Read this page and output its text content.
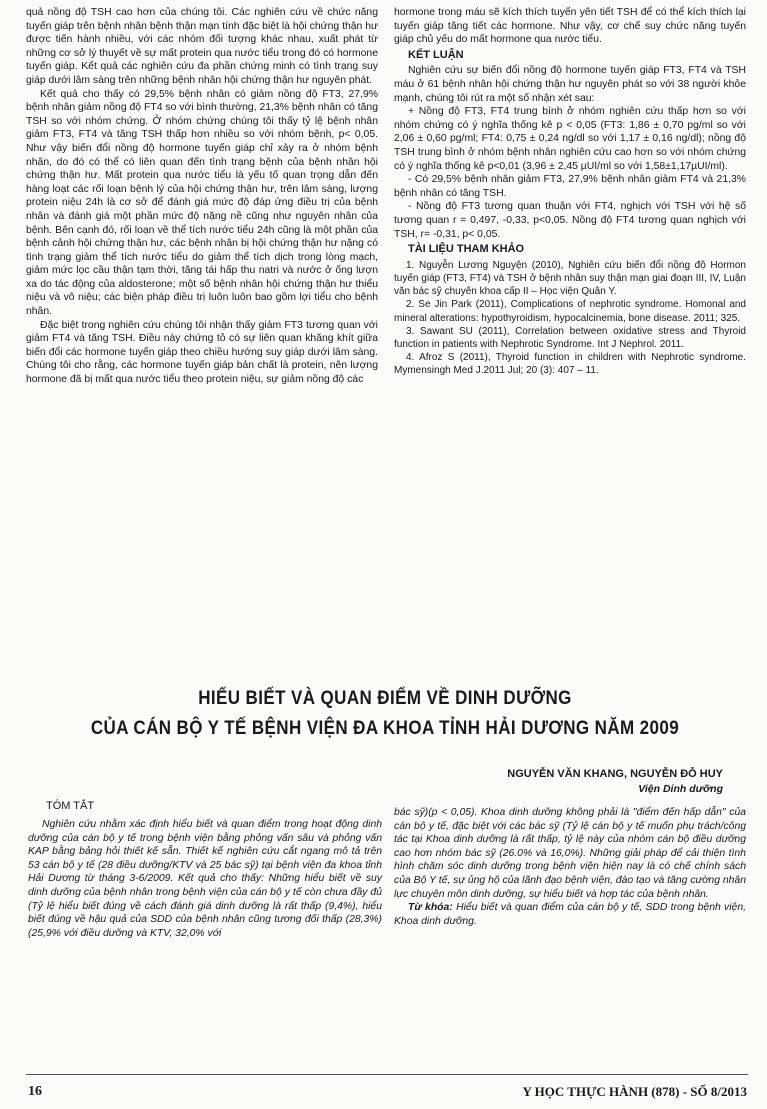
quả nồng độ TSH cao hơn của chúng tôi. Các nghiên cứu về chức năng tuyến giáp trên bệnh nhân bệnh thận mạn tính đặc biệt là hội chứng thận hư được tiến hành nhiều, với các nhóm đối tượng khác nhau, xuất phát từ những cơ sở lý thuyết về sự mất protein qua nước tiểu trong đó có hormone tuyến giáp. Kết quả các nghiên cứu đa phần chứng minh có tình trạng suy giáp dưới lâm sàng trên những bệnh nhân hội chứng thận hư nguyên phát.

Kết quả cho thấy có 29,5% bệnh nhân có giảm nồng độ FT3, 27,9% bệnh nhân giảm nồng độ FT4 so với bình thường, 21,3% bệnh nhân có tăng TSH so với nhóm chứng. Ở nhóm chứng chúng tôi thấy tỷ lệ bệnh nhân giảm FT3, FT4 và tăng TSH thấp hơn nhiều so với nhóm bệnh, p< 0,05. Như vậy biến đổi nồng độ hormone tuyến giáp chỉ xảy ra ở nhóm bệnh nhân, do đó có thể có liên quan đến tình trạng bệnh của bệnh nhân hội chứng thận hư. Mất protein qua nước tiểu là yếu tố quan trọng dẫn đến hàng loạt các rối loạn bệnh lý của hội chứng thận hư, trên lâm sàng, lượng protein niệu 24h là cơ sở để đánh giá mức độ đáp ứng điều trị của bệnh nhân và đánh giá một phần mức độ nặng nề cũng như nguyên nhân của bệnh. Bên cạnh đó, rối loạn về thể tích nước tiểu 24h cũng là một phần của bệnh cảnh hội chứng thận hư, các bệnh nhân bị hội chứng thận hư nặng có tình trạng giảm thể tích nước tiểu do giảm thể tích dịch trong lòng mạch, giảm mức lọc cầu thận tạm thời, tăng tái hấp thu natri và nước ở ống lượn xa do tác động của aldosterone; một số bệnh nhân hội chứng thận hư thiểu niệu và vô niệu; các biện pháp điều trị luôn luôn bao gồm lợi tiểu cho bệnh nhân.

Đặc biệt trong nghiên cứu chúng tôi nhận thấy giảm FT3 tương quan với giảm FT4 và tăng TSH. Điều này chứng tỏ có sự liên quan khăng khít giữa biến đổi các hormone tuyến giáp theo chiều hướng suy giáp dưới lâm sàng. Chúng tôi cho rằng, các hormone tuyến giáp bản chất là protein, nên lượng hormone đã bị mất qua nước tiểu theo protein niệu, sự giảm nồng độ các

hormone trong máu sẽ kích thích tuyến yên tiết TSH để có thể kích thích lại tuyến giáp tăng tiết các hormone. Như vậy, cơ chế suy chức năng tuyến giáp chủ yếu do mất hormone qua nước tiểu.

KẾT LUẬN

Nghiên cứu sự biến đổi nồng độ hormone tuyến giáp FT3, FT4 và TSH máu ở 61 bệnh nhân hội chứng thận hư nguyên phát so với 38 người khỏe mạnh, chúng tôi rút ra một số nhận xét sau:

+ Nồng độ FT3, FT4 trung bình ở nhóm nghiên cứu thấp hơn so với nhóm chứng có ý nghĩa thống kê p < 0,05 (FT3: 1,86 ± 0,70 pg/ml so với 2,06 ± 0,60 pg/ml; FT4: 0,75 ± 0,24 ng/dl so với 1,17 ± 0,16 ng/dl); nồng độ TSH trung bình ở nhóm bệnh nhân nghiên cứu cao hơn so với nhóm chứng có ý nghĩa thống kê p<0,01 (3,96 ± 2,45 µUI/ml so với 1,58±1,17µUI/ml).

- Có 29,5% bệnh nhân giảm FT3, 27,9% bệnh nhân giảm FT4 và 21,3% bệnh nhân có tăng TSH.

- Nồng độ FT3 tương quan thuận với FT4, nghịch với TSH với hệ số tương quan r = 0,497, -0,33, p<0,05. Nồng độ FT4 tương quan nghịch với TSH, r= -0,31, p< 0,05.

TÀI LIỆU THAM KHẢO

1. Nguyễn Lương Nguyện (2010), Nghiên cứu biến đổi nồng độ Hormon tuyến giáp (FT3, FT4) và TSH ở bệnh nhân suy thận mạn giai đoạn III, IV, Luận văn bác sỹ chuyên khoa cấp II – Học viện Quân Y.

2. Se Jin Park (2011), Complications of nephrotic syndrome. Homonal and mineral alterations: hypothyroidism, hypocalcinemia, bone disease. 2011; 325.

3. Sawant SU (2011), Correlation between oxidative stress and Thyroid function in patients with Nephrotic Syndrome. Int J Nephrol. 2011.

4. Afroz S (2011), Thyroid function in children with Nephrotic syndrome. Mymensingh Med J.2011 Jul; 20 (3): 407 – 11.

HIỂU BIẾT VÀ QUAN ĐIỂM VỀ DINH DƯỠNG
CỦA CÁN BỘ Y TẾ BỆNH VIỆN ĐA KHOA TỈNH HẢI DƯƠNG NĂM 2009
NGUYỄN VĂN KHANG, NGUYỄN ĐỖ HUY
Viện Dinh dưỡng
TÓM TẮT

Nghiên cứu nhằm xác định hiểu biết và quan điểm trong hoạt động dinh dưỡng của cán bộ y tế trong bệnh viện bằng phỏng vấn sâu và phỏng vấn KAP bằng bảng hỏi thiết kế sẵn. Thiết kế nghiên cứu cắt ngang mô tả trên 53 cán bộ y tế (28 điều dưỡng/KTV và 25 bác sỹ) tại bệnh viện đa khoa tỉnh Hải Dương từ tháng 3-6/2009. Kết quả cho thấy: Những hiểu biết về suy dinh dưỡng của bệnh nhân trong bệnh viện của cán bộ y tế còn chưa đầy đủ (Tỷ lệ hiểu biết đúng về cách đánh giá dinh dưỡng là rất thấp (9,4%), hiểu biết đúng về hậu quả của SDD của bệnh nhân cũng tương đối thấp (28,3%)(25,9% với điều dưỡng và KTV, 32,0% với

bác sỹ)(p < 0,05). Khoa dinh dưỡng không phải là "điểm đến hấp dẫn" của cán bộ y tế, đặc biệt với các bác sỹ (Tỷ lệ cán bộ y tế muốn phụ trách/công tác tại Khoa dinh dưỡng là rất thấp, tỷ lệ này của nhóm cán bộ điều dưỡng cao hơn nhóm bác sỹ (26.0% và 16,0%). Những giải pháp để cải thiện tình hình chăm sóc dinh dưỡng trong bệnh viện hiện nay là có chế chính sách của Bộ Y tế, sự ủng hộ của lãnh đạo bệnh viện, đào tạo và tăng cường nhân lực chuyên môn dinh dưỡng, sự hiểu biết và hợp tác của bệnh nhân.

Từ khóa: Hiểu biết và quan điểm của cán bộ y tế, SDD trong bệnh viện, Khoa dinh dưỡng.

16	Y HỌC THỰC HÀNH (878) - SỐ 8/2013
